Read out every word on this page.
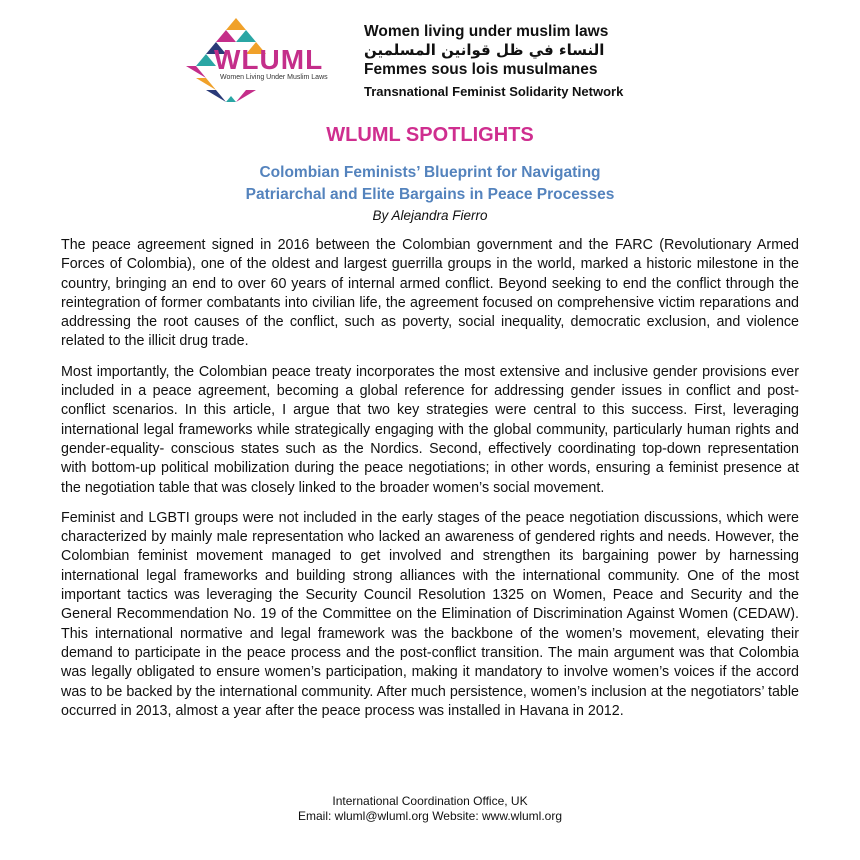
WLUML
Women Living Under Muslim Laws
Women living under muslim laws
النساء في ظل قوانين المسلمين
Femmes sous lois musulmanes
Transnational Feminist Solidarity Network
WLUML SPOTLIGHTS
Colombian Feminists’ Blueprint for Navigating
Patriarchal and Elite Bargains in Peace Processes
By Alejandra Fierro

The peace agreement signed in 2016 between the Colombian government and the FARC (Revolutionary Armed Forces of Colombia), one of the oldest and largest guerrilla groups in the world, marked a historic milestone in the country, bringing an end to over 60 years of internal armed conflict. Beyond seeking to end the conflict through the reintegration of former combatants into civilian life, the agreement focused on comprehensive victim reparations and addressing the root causes of the conflict, such as poverty, social inequality, democratic exclusion, and violence related to the illicit drug trade.

Most importantly, the Colombian peace treaty incorporates the most extensive and inclusive gender provisions ever included in a peace agreement, becoming a global reference for addressing gender issues in conflict and post-conflict scenarios. In this article, I argue that two key strategies were central to this success. First, leveraging international legal frameworks while strategically engaging with the global community, particularly human rights and gender-equality- conscious states such as the Nordics. Second, effectively coordinating top-down representation with bottom-up political mobilization during the peace negotiations; in other words, ensuring a feminist presence at the negotiation table that was closely linked to the broader women’s social movement.

Feminist and LGBTI groups were not included in the early stages of the peace negotiation discussions, which were characterized by mainly male representation who lacked an awareness of gendered rights and needs. However, the Colombian feminist movement managed to get involved and strengthen its bargaining power by harnessing international legal frameworks and building strong alliances with the international community. One of the most important tactics was leveraging the Security Council Resolution 1325 on Women, Peace and Security and the General Recommendation No. 19 of the Committee on the Elimination of Discrimination Against Women (CEDAW). This international normative and legal framework was the backbone of the women’s movement, elevating their demand to participate in the peace process and the post-conflict transition. The main argument was that Colombia was legally obligated to ensure women’s participation, making it mandatory to involve women’s voices if the accord was to be backed by the international community. After much persistence, women’s inclusion at the negotiators’ table occurred in 2013, almost a year after the peace process was installed in Havana in 2012.

International Coordination Office, UK
Email: wluml@wluml.org Website: www.wluml.org
